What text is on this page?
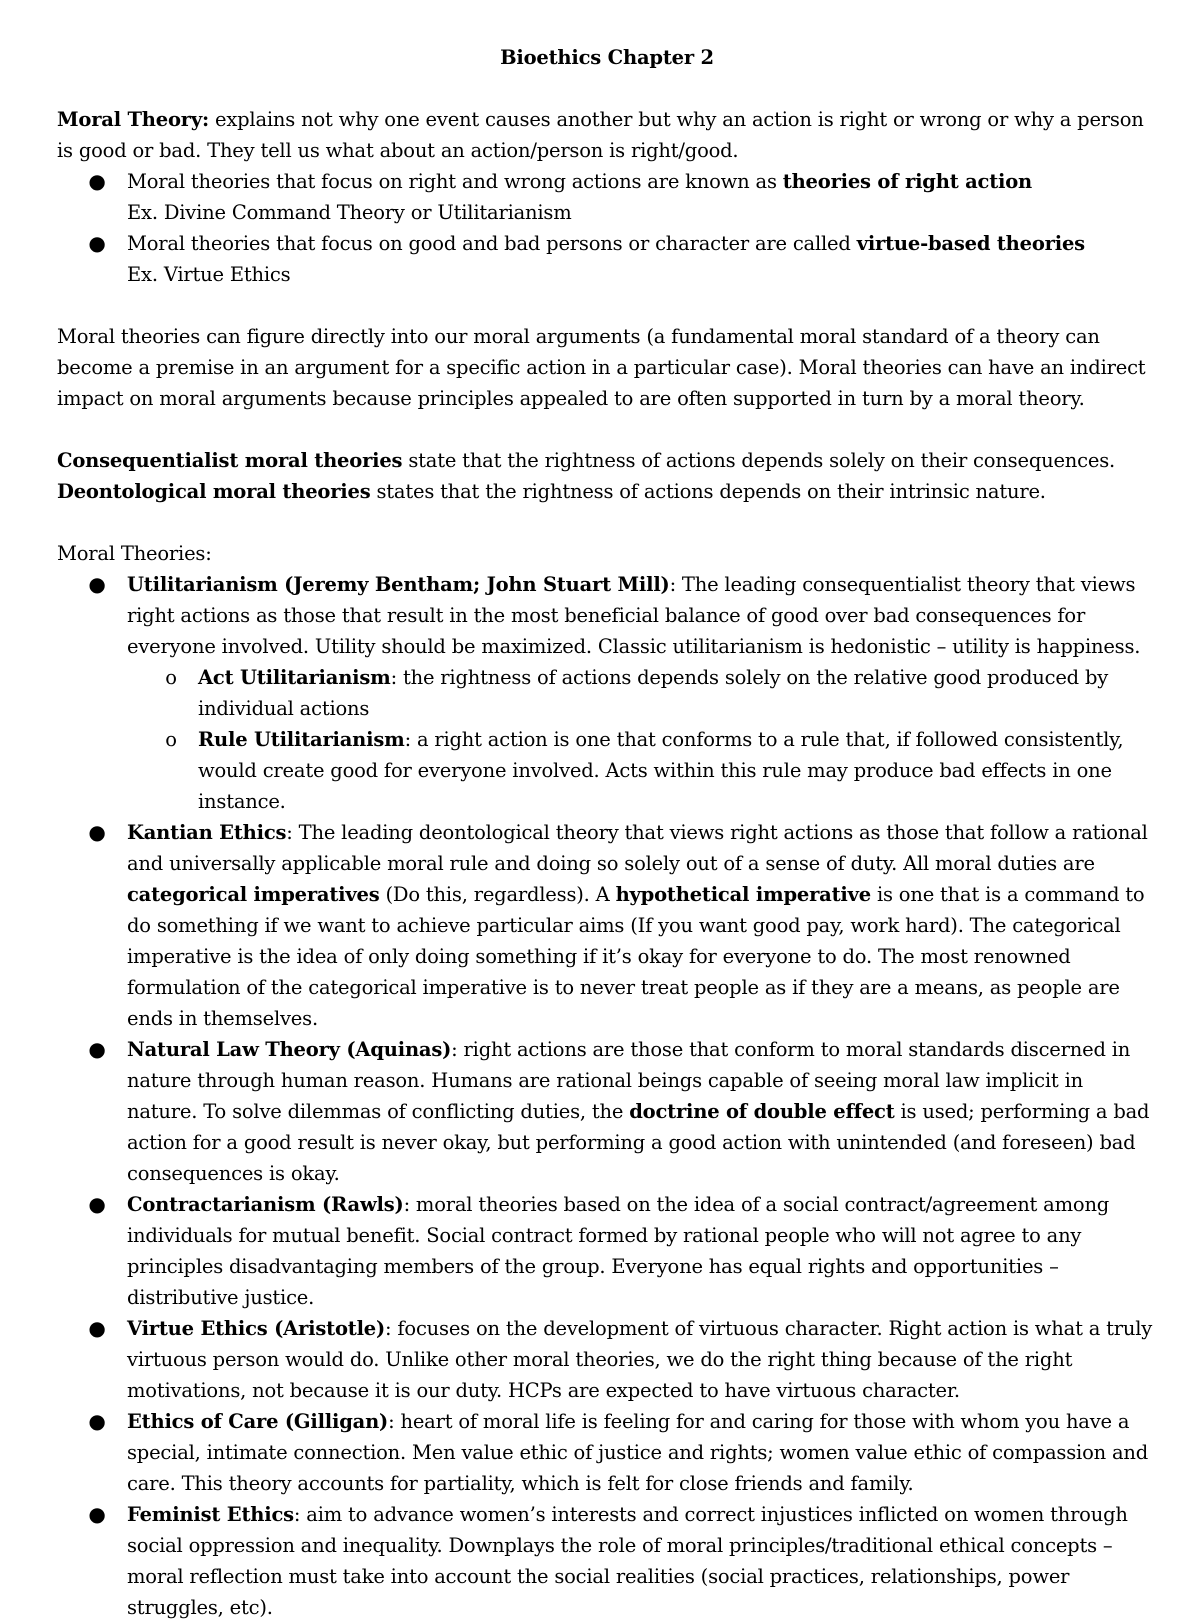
Bioethics Chapter 2

Moral Theory: explains not why one event causes another but why an action is right or wrong or why a person is good or bad. They tell us what about an action/person is right/good.

● Moral theories that focus on right and wrong actions are known as theories of right action
Ex. Divine Command Theory or Utilitarianism
● Moral theories that focus on good and bad persons or character are called virtue-based theories
Ex. Virtue Ethics

Moral theories can figure directly into our moral arguments (a fundamental moral standard of a theory can become a premise in an argument for a specific action in a particular case). Moral theories can have an indirect impact on moral arguments because principles appealed to are often supported in turn by a moral theory.

Consequentialist moral theories state that the rightness of actions depends solely on their consequences.

Deontological moral theories states that the rightness of actions depends on their intrinsic nature.

Moral Theories:

● Utilitarianism (Jeremy Bentham; John Stuart Mill): The leading consequentialist theory that views right actions as those that result in the most beneficial balance of good over bad consequences for everyone involved. Utility should be maximized. Classic utilitarianism is hedonistic – utility is happiness.
o Act Utilitarianism: the rightness of actions depends solely on the relative good produced by individual actions
o Rule Utilitarianism: a right action is one that conforms to a rule that, if followed consistently, would create good for everyone involved. Acts within this rule may produce bad effects in one instance.
● Kantian Ethics: The leading deontological theory that views right actions as those that follow a rational and universally applicable moral rule and doing so solely out of a sense of duty. All moral duties are categorical imperatives (Do this, regardless). A hypothetical imperative is one that is a command to do something if we want to achieve particular aims (If you want good pay, work hard). The categorical imperative is the idea of only doing something if it’s okay for everyone to do. The most renowned formulation of the categorical imperative is to never treat people as if they are a means, as people are ends in themselves.
● Natural Law Theory (Aquinas): right actions are those that conform to moral standards discerned in nature through human reason. Humans are rational beings capable of seeing moral law implicit in nature. To solve dilemmas of conflicting duties, the doctrine of double effect is used; performing a bad action for a good result is never okay, but performing a good action with unintended (and foreseen) bad consequences is okay.
● Contractarianism (Rawls): moral theories based on the idea of a social contract/agreement among individuals for mutual benefit. Social contract formed by rational people who will not agree to any principles disadvantaging members of the group. Everyone has equal rights and opportunities – distributive justice.
● Virtue Ethics (Aristotle): focuses on the development of virtuous character. Right action is what a truly virtuous person would do. Unlike other moral theories, we do the right thing because of the right motivations, not because it is our duty. HCPs are expected to have virtuous character.
● Ethics of Care (Gilligan): heart of moral life is feeling for and caring for those with whom you have a special, intimate connection. Men value ethic of justice and rights; women value ethic of compassion and care. This theory accounts for partiality, which is felt for close friends and family.
● Feminist Ethics: aim to advance women’s interests and correct injustices inflicted on women through social oppression and inequality. Downplays the role of moral principles/traditional ethical concepts – moral reflection must take into account the social realities (social practices, relationships, power struggles, etc).
